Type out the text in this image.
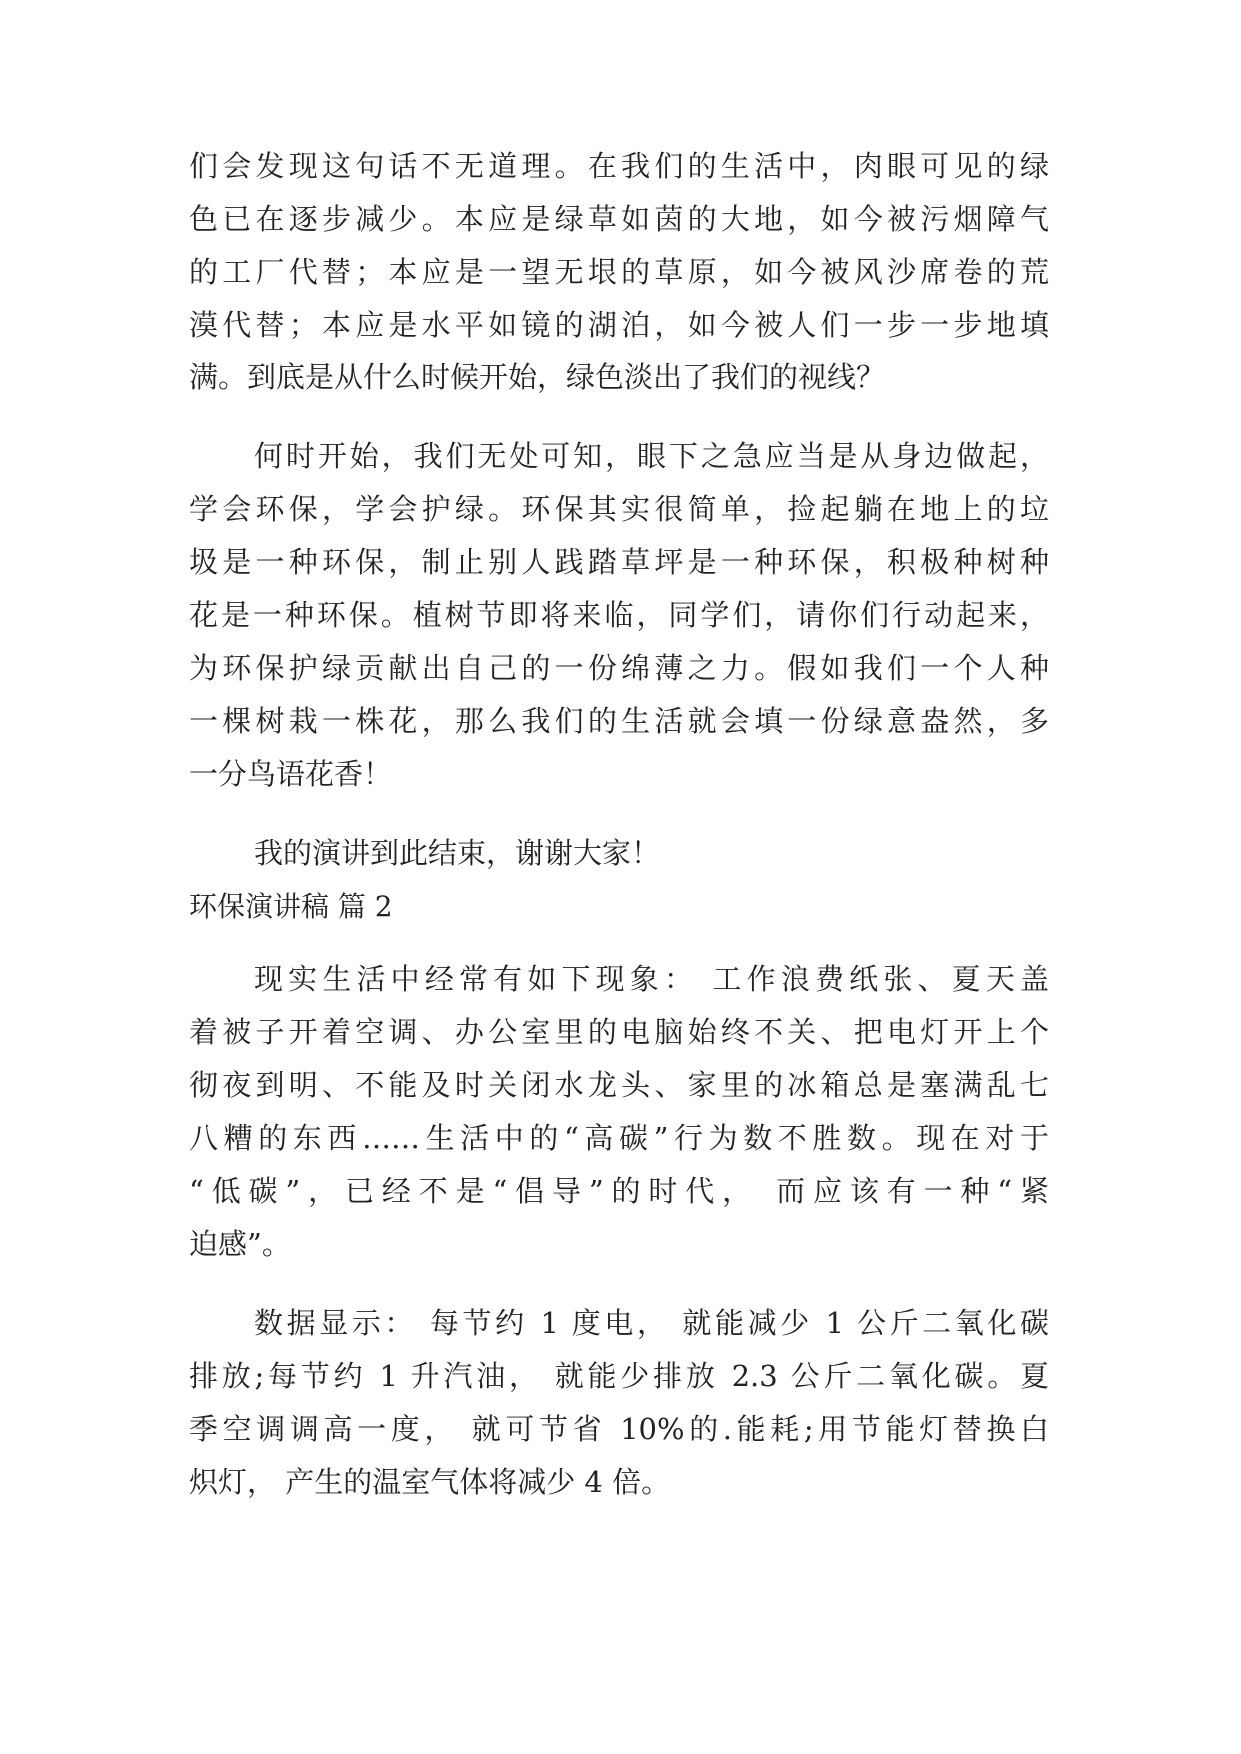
们会发现这句话不无道理。在我们的生活中，肉眼可见的绿
色已在逐步减少。本应是绿草如茵的大地，如今被污烟障气
的工厂代替；本应是一望无垠的草原，如今被风沙席卷的荒
漠代替；本应是水平如镜的湖泊，如今被人们一步一步地填
满。到底是从什么时候开始，绿色淡出了我们的视线？
何时开始，我们无处可知，眼下之急应当是从身边做起，
学会环保，学会护绿。环保其实很简单，捡起躺在地上的垃
圾是一种环保，制止别人践踏草坪是一种环保，积极种树种
花是一种环保。植树节即将来临，同学们，请你们行动起来，
为环保护绿贡献出自己的一份绵薄之力。假如我们一个人种
一棵树栽一株花，那么我们的生活就会填一份绿意盎然，多
一分鸟语花香！
我的演讲到此结束，谢谢大家！
环保演讲稿 篇 2
现实生活中经常有如下现象： 工作浪费纸张、夏天盖
着被子开着空调、办公室里的电脑始终不关、把电灯开上个
彻夜到明、不能及时关闭水龙头、家里的冰箱总是塞满乱七
八糟的东西……生活中的“高碳”行为数不胜数。现在对于
“低碳”，已经不是“倡导”的时代， 而应该有一种“紧
迫感”。
数据显示： 每节约 1 度电， 就能减少 1 公斤二氧化碳
排放;每节约 1 升汽油， 就能少排放 2.3 公斤二氧化碳。夏
季空调调高一度， 就可节省 10%的.能耗;用节能灯替换白
炽灯， 产生的温室气体将减少 4 倍。
